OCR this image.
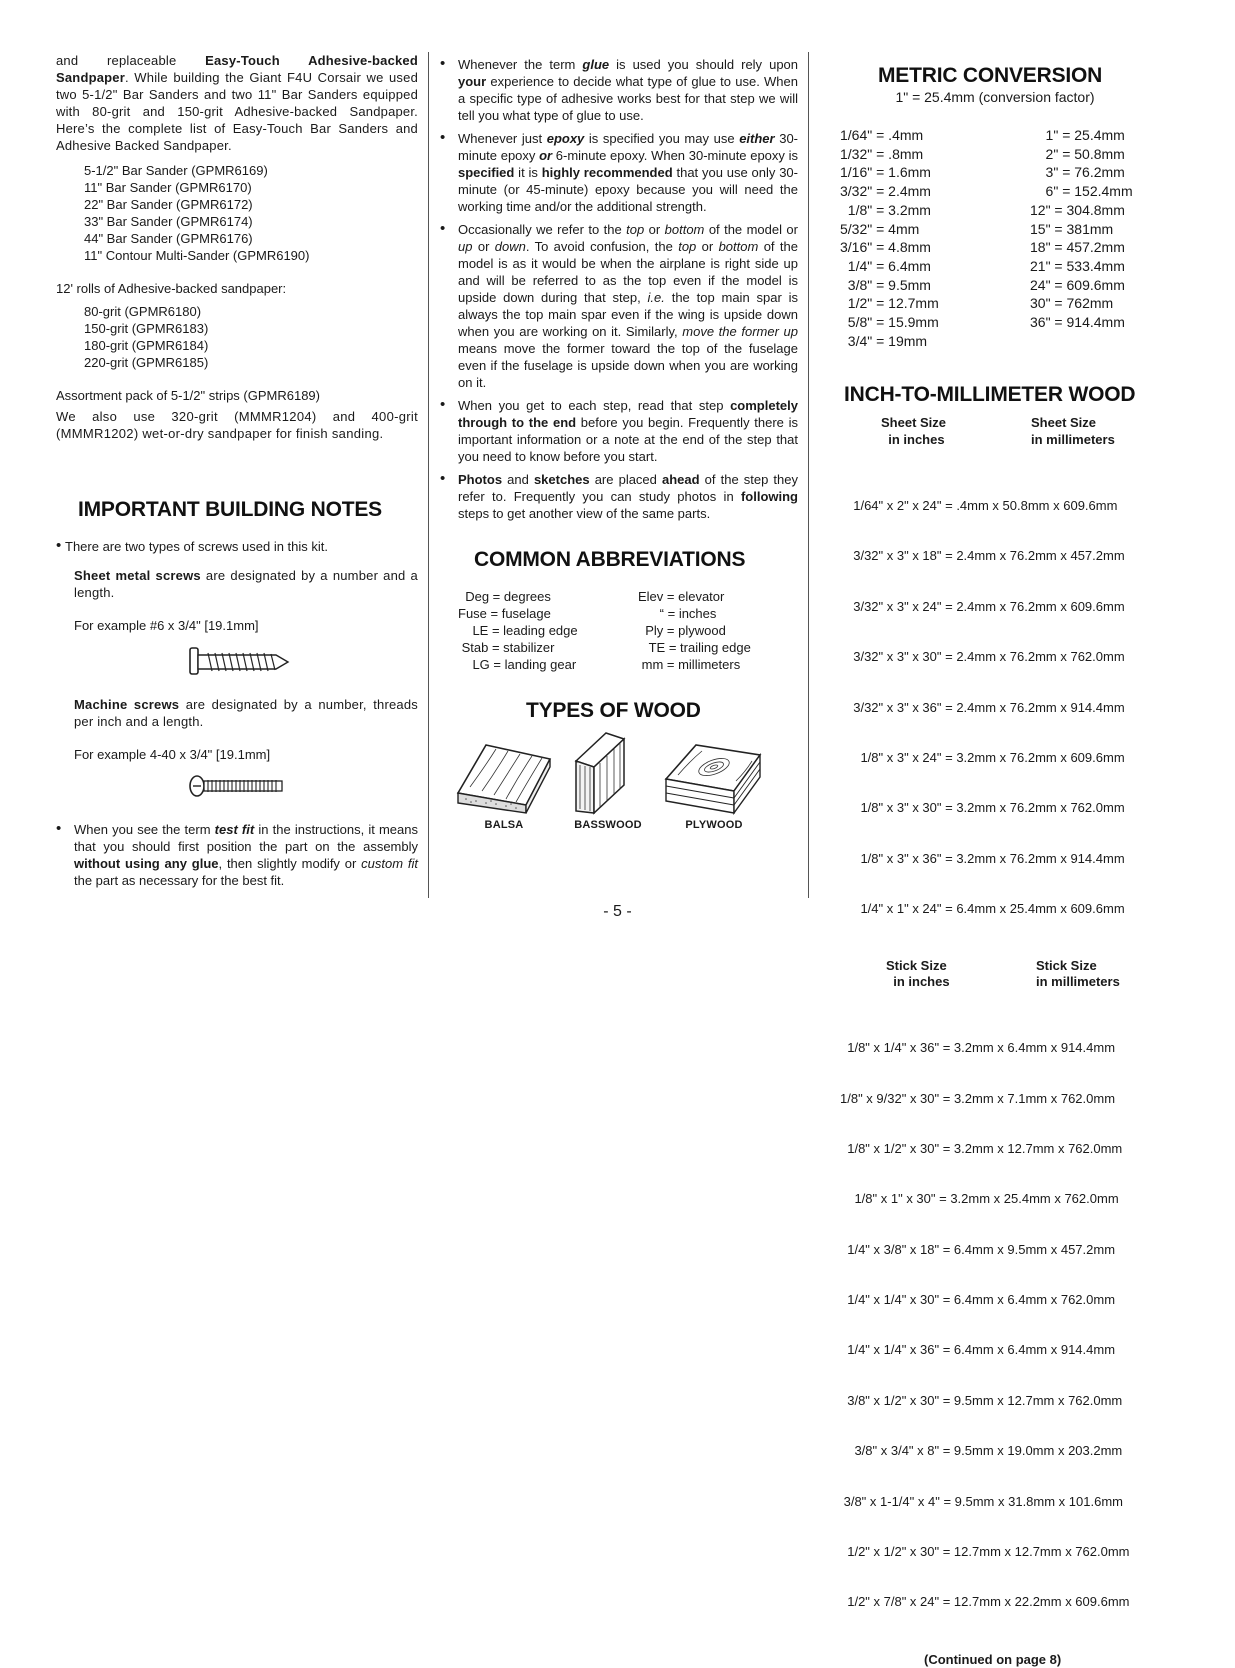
and replaceable Easy-Touch Adhesive-backed Sandpaper. While building the Giant F4U Corsair we used two 5-1/2" Bar Sanders and two 11" Bar Sanders equipped with 80-grit and 150-grit Adhesive-backed Sandpaper. Here’s the complete list of Easy-Touch Bar Sanders and Adhesive Backed Sandpaper.

5-1/2" Bar Sander (GPMR6169)
11" Bar Sander (GPMR6170)
22" Bar Sander (GPMR6172)
33" Bar Sander (GPMR6174)
44" Bar Sander (GPMR6176)
11" Contour Multi-Sander (GPMR6190)

12' rolls of Adhesive-backed sandpaper:

80-grit (GPMR6180)
150-grit (GPMR6183)
180-grit (GPMR6184)
220-grit (GPMR6185)

Assortment pack of 5-1/2" strips (GPMR6189)

We also use 320-grit (MMMR1204) and 400-grit (MMMR1202) wet-or-dry sandpaper for finish sanding.

IMPORTANT BUILDING NOTES

• There are two types of screws used in this kit.

Sheet metal screws are designated by a number and a length.

For example #6 x 3/4" [19.1mm]

Machine screws are designated by a number, threads per inch and a length.

For example 4-40 x 3/4" [19.1mm]

• When you see the term test fit in the instructions, it means that you should first position the part on the assembly without using any glue, then slightly modify or custom fit the part as necessary for the best fit.

• Whenever the term glue is used you should rely upon your experience to decide what type of glue to use. When a specific type of adhesive works best for that step we will tell you what type of glue to use.

• Whenever just epoxy is specified you may use either 30-minute epoxy or 6-minute epoxy. When 30-minute epoxy is specified it is highly recommended that you use only 30-minute (or 45-minute) epoxy because you will need the working time and/or the additional strength.

• Occasionally we refer to the top or bottom of the model or up or down. To avoid confusion, the top or bottom of the model is as it would be when the airplane is right side up and will be referred to as the top even if the model is upside down during that step, i.e. the top main spar is always the top main spar even if the wing is upside down when you are working on it. Similarly, move the former up means move the former toward the top of the fuselage even if the fuselage is upside down when you are working on it.

• When you get to each step, read that step completely through to the end before you begin. Frequently there is important information or a note at the end of the step that you need to know before you start.

• Photos and sketches are placed ahead of the step they refer to. Frequently you can study photos in following steps to get another view of the same parts.

COMMON ABBREVIATIONS
Deg = degrees	Elev = elevator
Fuse = fuselage	“ = inches
LE = leading edge	Ply = plywood
Stab = stabilizer	TE = trailing edge
LG = landing gear	mm = millimeters
TYPES OF WOOD
BALSA	BASSWOOD	PLYWOOD
METRIC CONVERSION

1" = 25.4mm (conversion factor)

1/64" = .4mm	1" = 25.4mm
1/32" = .8mm	2" = 50.8mm
1/16" = 1.6mm	3" = 76.2mm
3/32" = 2.4mm	6" = 152.4mm
1/8" = 3.2mm	12" = 304.8mm
5/32" = 4mm	15" = 381mm
3/16" = 4.8mm	18" = 457.2mm
1/4" = 6.4mm	21" = 533.4mm
3/8" = 9.5mm	24" = 609.6mm
1/2" = 12.7mm	30" = 762mm
5/8" = 15.9mm	36" = 914.4mm
3/4" = 19mm
INCH-TO-MILLIMETER WOOD
Sheet Size
in inches
Sheet Size
in millimeters

1/64" x 2" x 24" = .4mm x 50.8mm x 609.6mm

3/32" x 3" x 18" = 2.4mm x 76.2mm x 457.2mm

3/32" x 3" x 24" = 2.4mm x 76.2mm x 609.6mm

3/32" x 3" x 30" = 2.4mm x 76.2mm x 762.0mm

3/32" x 3" x 36" = 2.4mm x 76.2mm x 914.4mm

1/8" x 3" x 24" = 3.2mm x 76.2mm x 609.6mm

1/8" x 3" x 30" = 3.2mm x 76.2mm x 762.0mm

1/8" x 3" x 36" = 3.2mm x 76.2mm x 914.4mm

1/4" x 1" x 24" = 6.4mm x 25.4mm x 609.6mm

Stick Size
in inches
Stick Size
in millimeters

1/8" x 1/4" x 36" = 3.2mm x 6.4mm x 914.4mm

1/8" x 9/32" x 30" = 3.2mm x 7.1mm x 762.0mm

1/8" x 1/2" x 30" = 3.2mm x 12.7mm x 762.0mm

1/8" x 1" x 30" = 3.2mm x 25.4mm x 762.0mm

1/4" x 3/8" x 18" = 6.4mm x 9.5mm x 457.2mm

1/4" x 1/4" x 30" = 6.4mm x 6.4mm x 762.0mm

1/4" x 1/4" x 36" = 6.4mm x 6.4mm x 914.4mm

3/8" x 1/2" x 30" = 9.5mm x 12.7mm x 762.0mm

3/8" x 3/4" x 8" = 9.5mm x 19.0mm x 203.2mm

3/8" x 1-1/4" x 4" = 9.5mm x 31.8mm x 101.6mm

1/2" x 1/2" x 30" = 12.7mm x 12.7mm x 762.0mm

1/2" x 7/8" x 24" = 12.7mm x 22.2mm x 609.6mm

(Continued on page 8)

- 5 -
